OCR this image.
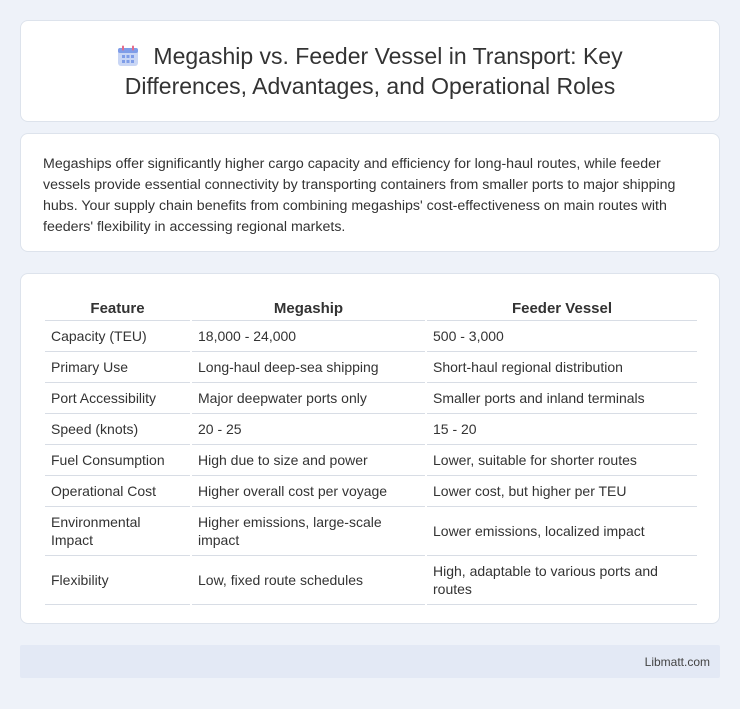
Megaship vs. Feeder Vessel in Transport: Key
Differences, Advantages, and Operational Roles

Megaships offer significantly higher cargo capacity and efficiency for long-haul routes, while feeder vessels provide essential connectivity by transporting containers from smaller ports to major shipping hubs. Your supply chain benefits from combining megaships' cost-effectiveness on main routes with feeders' flexibility in accessing regional markets.

Feature	Megaship	Feeder Vessel
Capacity (TEU)	18,000 - 24,000	500 - 3,000
Primary Use	Long-haul deep-sea shipping	Short-haul regional distribution
Port Accessibility	Major deepwater ports only	Smaller ports and inland terminals
Speed (knots)	20 - 25	15 - 20
Fuel Consumption	High due to size and power	Lower, suitable for shorter routes
Operational Cost	Higher overall cost per voyage	Lower cost, but higher per TEU
Environmental Impact	Higher emissions, large-scale impact	Lower emissions, localized impact
Flexibility	Low, fixed route schedules	High, adaptable to various ports and routes
Libmatt.com
